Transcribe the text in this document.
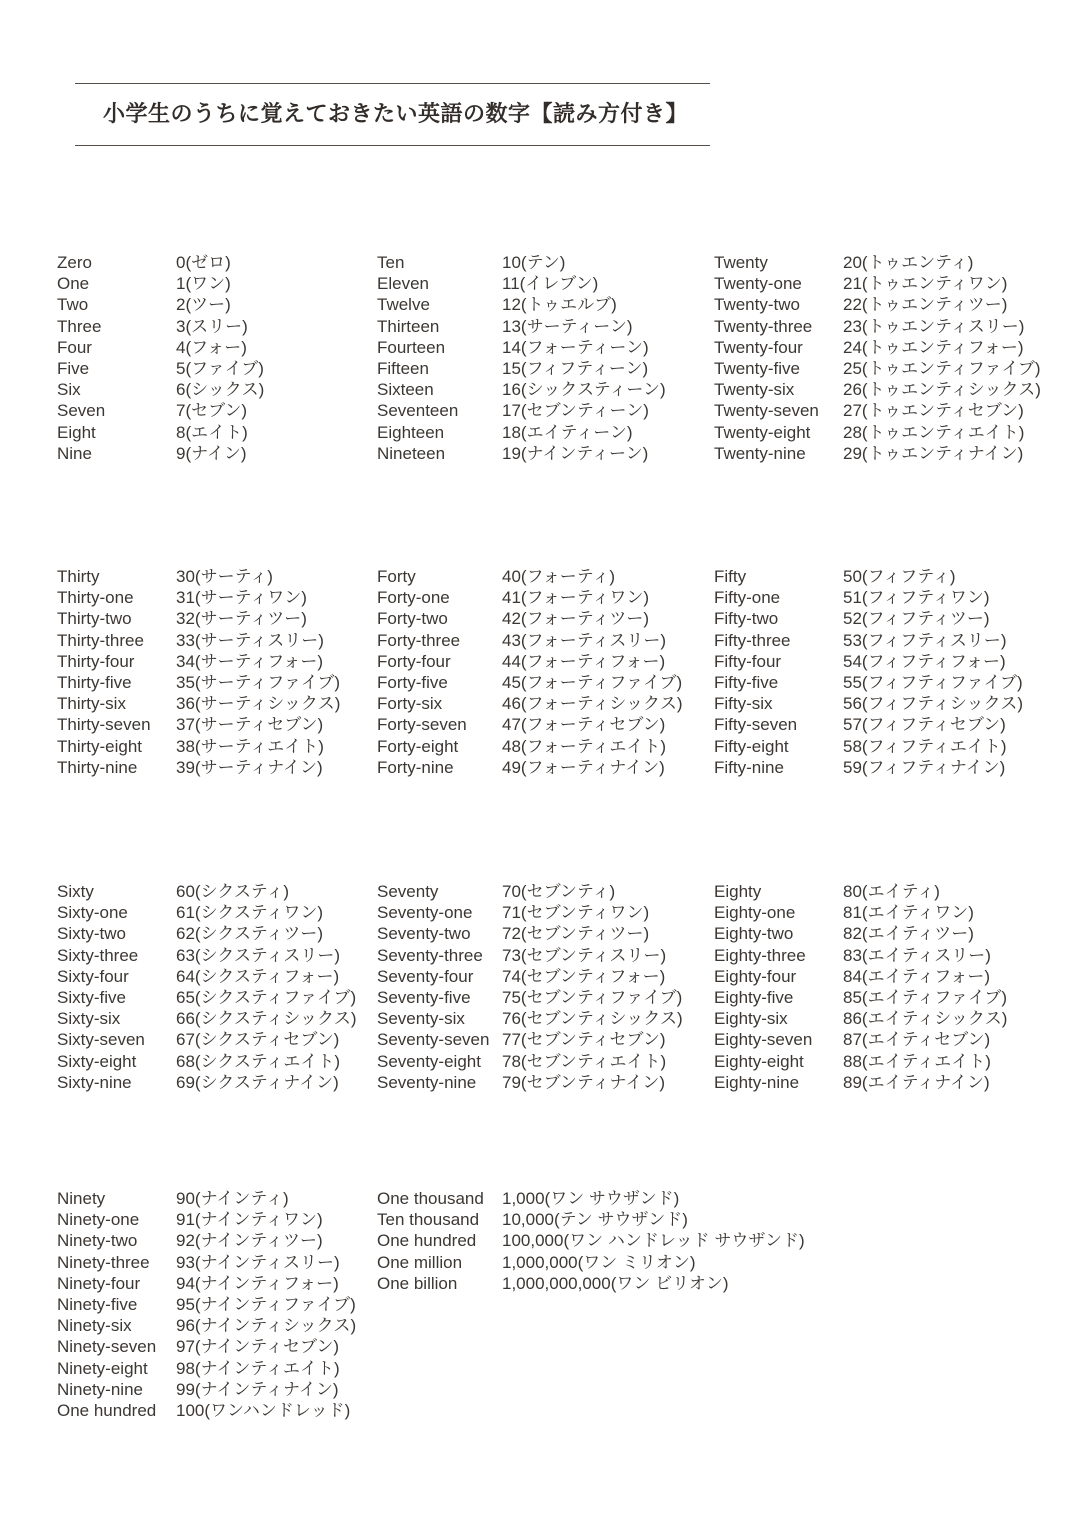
小学生のうちに覚えておきたい英語の数字【読み方付き】
Zero	0(ゼロ)
One	1(ワン)
Two	2(ツー)
Three	3(スリー)
Four	4(フォー)
Five	5(ファイブ)
Six	6(シックス)
Seven	7(セブン)
Eight	8(エイト)
Nine	9(ナイン)
Ten	10(テン)
Eleven	11(イレブン)
Twelve	12(トゥエルブ)
Thirteen	13(サーティーン)
Fourteen	14(フォーティーン)
Fifteen	15(フィフティーン)
Sixteen	16(シックスティーン)
Seventeen	17(セブンティーン)
Eighteen	18(エイティーン)
Nineteen	19(ナインティーン)
Twenty	20(トゥエンティ)
Twenty-one	21(トゥエンティワン)
Twenty-two	22(トゥエンティツー)
Twenty-three	23(トゥエンティスリー)
Twenty-four	24(トゥエンティフォー)
Twenty-five	25(トゥエンティファイブ)
Twenty-six	26(トゥエンティシックス)
Twenty-seven	27(トゥエンティセブン)
Twenty-eight	28(トゥエンティエイト)
Twenty-nine	29(トゥエンティナイン)
Thirty	30(サーティ)
Thirty-one	31(サーティワン)
Thirty-two	32(サーティツー)
Thirty-three	33(サーティスリー)
Thirty-four	34(サーティフォー)
Thirty-five	35(サーティファイブ)
Thirty-six	36(サーティシックス)
Thirty-seven	37(サーティセブン)
Thirty-eight	38(サーティエイト)
Thirty-nine	39(サーティナイン)
Forty	40(フォーティ)
Forty-one	41(フォーティワン)
Forty-two	42(フォーティツー)
Forty-three	43(フォーティスリー)
Forty-four	44(フォーティフォー)
Forty-five	45(フォーティファイブ)
Forty-six	46(フォーティシックス)
Forty-seven	47(フォーティセブン)
Forty-eight	48(フォーティエイト)
Forty-nine	49(フォーティナイン)
Fifty	50(フィフティ)
Fifty-one	51(フィフティワン)
Fifty-two	52(フィフティツー)
Fifty-three	53(フィフティスリー)
Fifty-four	54(フィフティフォー)
Fifty-five	55(フィフティファイブ)
Fifty-six	56(フィフティシックス)
Fifty-seven	57(フィフティセブン)
Fifty-eight	58(フィフティエイト)
Fifty-nine	59(フィフティナイン)
Sixty	60(シクスティ)
Sixty-one	61(シクスティワン)
Sixty-two	62(シクスティツー)
Sixty-three	63(シクスティスリー)
Sixty-four	64(シクスティフォー)
Sixty-five	65(シクスティファイブ)
Sixty-six	66(シクスティシックス)
Sixty-seven	67(シクスティセブン)
Sixty-eight	68(シクスティエイト)
Sixty-nine	69(シクスティナイン)
Seventy	70(セブンティ)
Seventy-one	71(セブンティワン)
Seventy-two	72(セブンティツー)
Seventy-three	73(セブンティスリー)
Seventy-four	74(セブンティフォー)
Seventy-five	75(セブンティファイブ)
Seventy-six	76(セブンティシックス)
Seventy-seven 77(セブンティセブン)
Seventy-eight	78(セブンティエイト)
Seventy-nine	79(セブンティナイン)
Eighty	80(エイティ)
Eighty-one	81(エイティワン)
Eighty-two	82(エイティツー)
Eighty-three	83(エイティスリー)
Eighty-four	84(エイティフォー)
Eighty-five	85(エイティファイブ)
Eighty-six	86(エイティシックス)
Eighty-seven	87(エイティセブン)
Eighty-eight	88(エイティエイト)
Eighty-nine	89(エイティナイン)
Ninety	90(ナインティ)
Ninety-one	91(ナインティワン)
Ninety-two	92(ナインティツー)
Ninety-three	93(ナインティスリー)
Ninety-four	94(ナインティフォー)
Ninety-five	95(ナインティファイブ)
Ninety-six	96(ナインティシックス)
Ninety-seven	97(ナインティセブン)
Ninety-eight	98(ナインティエイト)
Ninety-nine	99(ナインティナイン)
One hundred	100(ワンハンドレッド)
One thousand	1,000(ワン サウザンド)
Ten thousand	10,000(テン サウザンド)
One hundred	100,000(ワン ハンドレッド サウザンド)
One million	1,000,000(ワン ミリオン)
One billion	1,000,000,000(ワン ビリオン)
